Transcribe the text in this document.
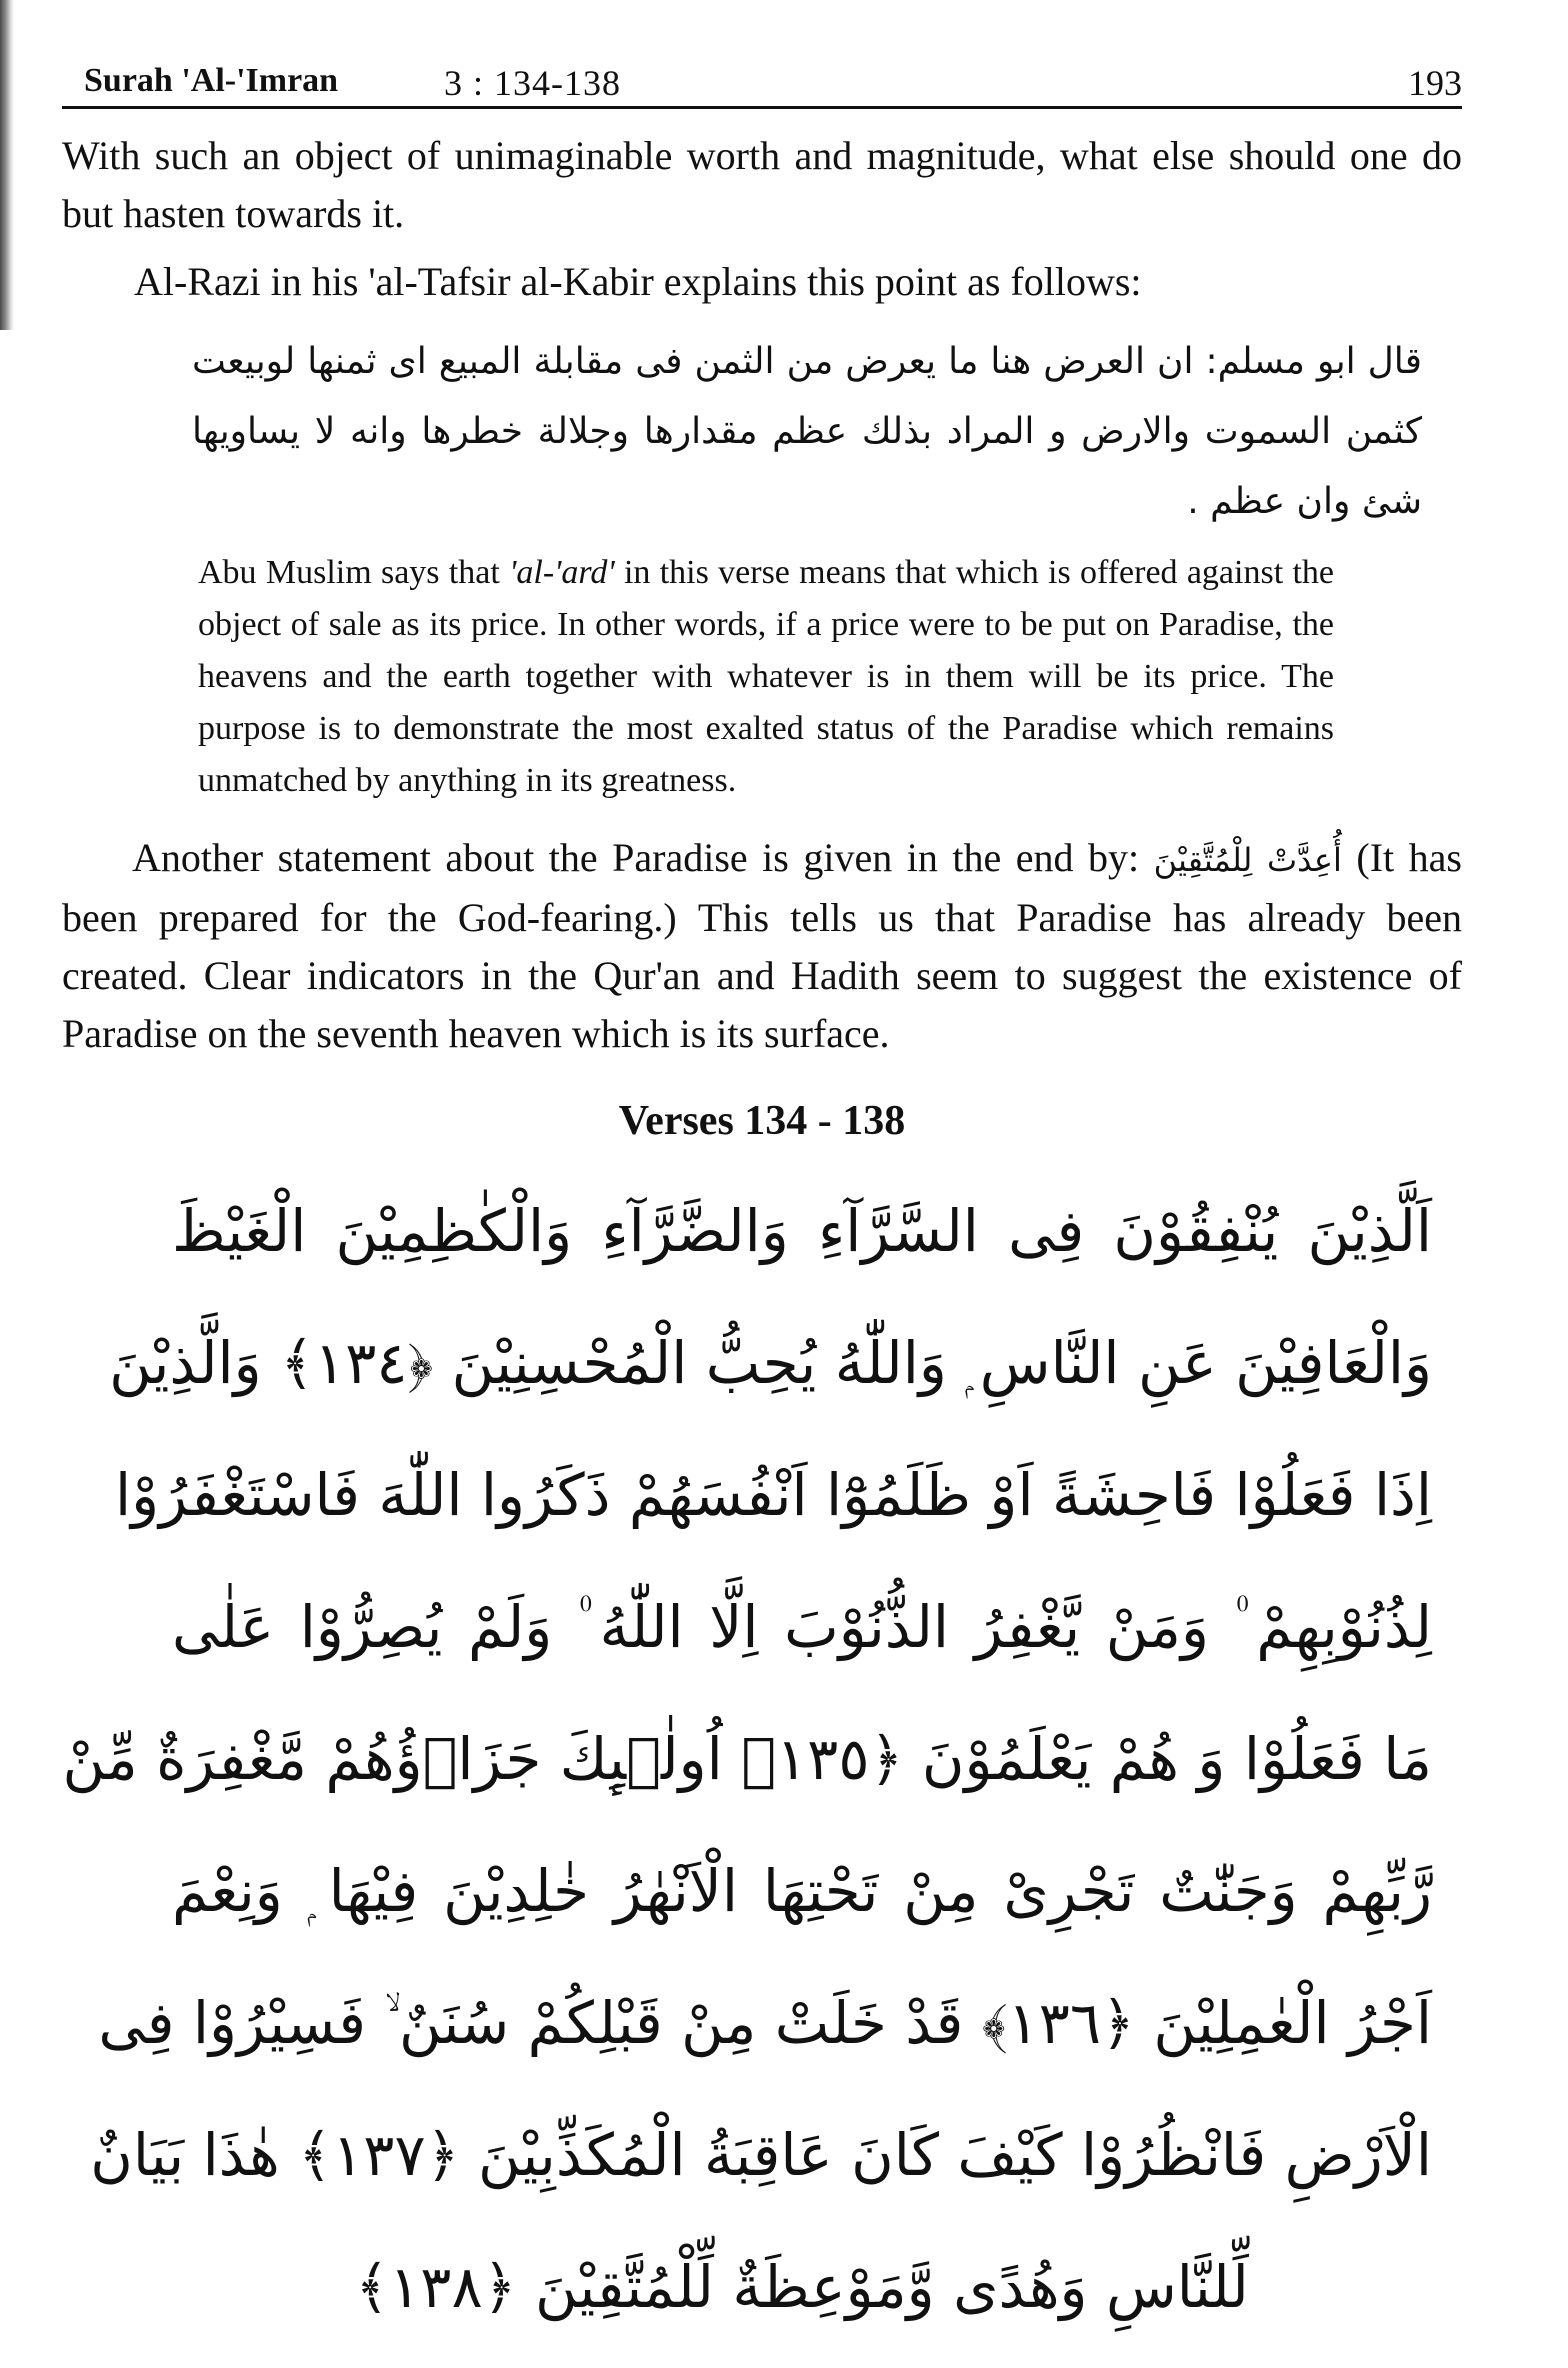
Surah 'Al-'Imran	3 : 134-138	193

With such an object of unimaginable worth and magnitude, what else should one do but hasten towards it.

Al-Razi in his 'al-Tafsir al-Kabir explains this point as follows:

قال ابو مسلم: ان العرض هنا ما يعرض من الثمن فى مقابلة المبيع اى ثمنها لوبيعت كثمن السموت والارض و المراد بذلك عظم مقدارها وجلالة خطرها وانه لا يساويها شئ وان عظم .
Abu Muslim says that 'al-'ard' in this verse means that which is offered against the object of sale as its price. In other words, if a price were to be put on Paradise, the heavens and the earth together with whatever is in them will be its price. The purpose is to demonstrate the most exalted status of the Paradise which remains unmatched by anything in its greatness.

Another statement about the Paradise is given in the end by: أُعِدَّتْ لِلْمُتَّقِيْنَ (It has been prepared for the God-fearing.) This tells us that Paradise has already been created. Clear indicators in the Qur'an and Hadith seem to suggest the existence of Paradise on the seventh heaven which is its surface.

Verses 134 - 138
اَلَّذِيْنَ يُنْفِقُوْنَ فِى السَّرَّآءِ وَالضَّرَّآءِ وَالْكٰظِمِيْنَ الْغَيْظَ
وَالْعَافِيْنَ عَنِ النَّاسِ ۭ وَاللّٰهُ يُحِبُّ الْمُحْسِنِيْنَ ﴿١٣٤﴾ وَالَّذِيْنَ
اِذَا فَعَلُوْا فَاحِشَةً اَوْ ظَلَمُوْٓا اَنْفُسَهُمْ ذَكَرُوا اللّٰهَ فَاسْتَغْفَرُوْا
لِذُنُوْبِهِمْ ۠ وَمَنْ يَّغْفِرُ الذُّنُوْبَ اِلَّا اللّٰهُ ۠ وَلَمْ يُصِرُّوْا عَلٰى
مَا فَعَلُوْا وَ هُمْ يَعْلَمُوْنَ ﴿١٣٥﴾ اُولٰۗىِٕكَ جَزَاۗؤُهُمْ مَّغْفِرَةٌ مِّنْ
رَّبِّهِمْ وَجَنّٰتٌ تَجْرِىْ مِنْ تَحْتِهَا الْاَنْهٰرُ خٰلِدِيْنَ فِيْهَا ۭ وَنِعْمَ
اَجْرُ الْعٰمِلِيْنَ ﴿١٣٦﴾ قَدْ خَلَتْ مِنْ قَبْلِكُمْ سُنَنٌ ۙ فَسِيْرُوْا فِى
الْاَرْضِ فَانْظُرُوْا كَيْفَ كَانَ عَاقِبَةُ الْمُكَذِّبِيْنَ ﴿١٣٧﴾ هٰذَا بَيَانٌ
لِّلنَّاسِ وَهُدًى وَّمَوْعِظَةٌ لِّلْمُتَّقِيْنَ ﴿١٣٨﴾
